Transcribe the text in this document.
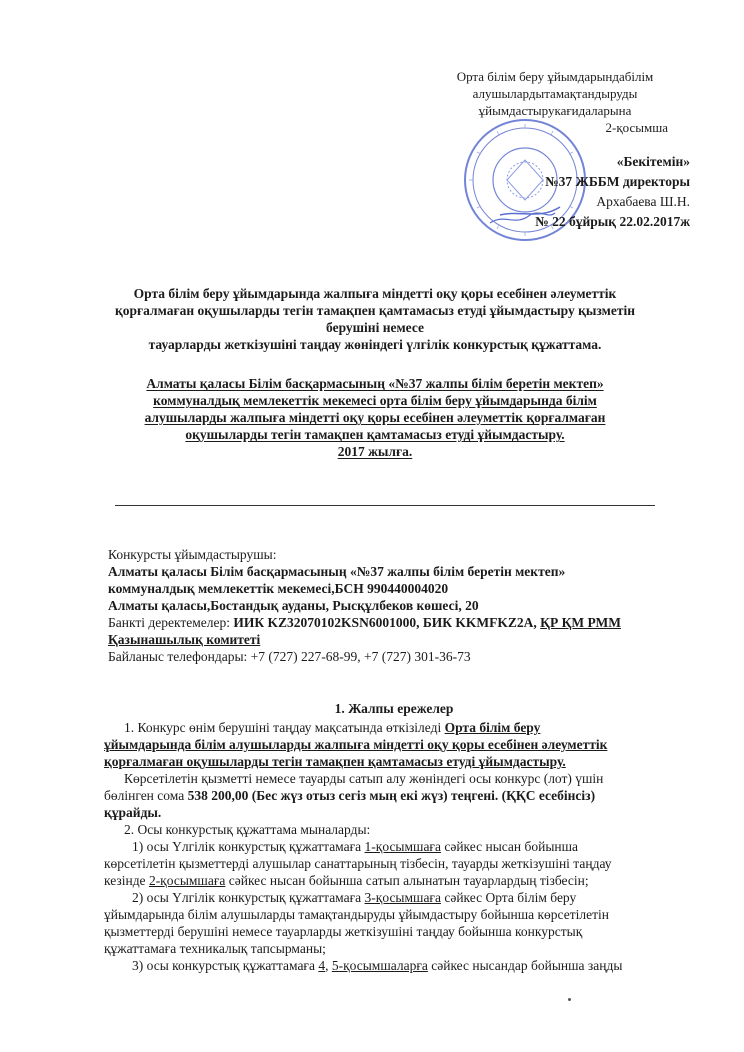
Орта білім беру ұйымдарындабілім
алушылардытамақтандыруды
ұйымдастырукағидаларына
2-қосымша
«Бекітемін»
№37 ЖББМ директоры
Архабаева Ш.Н.
№ 22 бұйрық 22.02.2017ж

Орта білім беру ұйымдарында жалпыға міндетті оқу қоры есебінен әлеуметтік

қорғалмаған оқушыларды тегін тамақпен қамтамасыз етуді ұйымдастыру қызметін

берушіні немесе

тауарларды жеткізушіні таңдау жөніндегі үлгілік конкурстық құжаттама.

Алматы қаласы Білім басқармасының «№37 жалпы білім беретін мектеп»

коммуналдық мемлекеттік мекемесі орта білім беру ұйымдарында білім

алушыларды жалпыға міндетті оқу қоры есебінен әлеуметтік қорғалмаған

оқушыларды тегін тамақпен қамтамасыз етуді ұйымдастыру.

2017 жылға.

Конкурсты ұйымдастырушы:

Алматы қаласы Білім басқармасының «№37 жалпы білім беретін мектеп»

коммуналдық мемлекеттік мекемесі,БСН 990440004020

Алматы қаласы,Бостандық ауданы, Рысқұлбеков көшесі, 20

Банкті деректемелер: ИИК KZ32070102KSN6001000, БИК KKMFKZ2A, ҚР ҚМ РММ

Қазынашылық комитеті

Байланыс телефондары: +7 (727) 227-68-99, +7 (727) 301-36-73

1. Жалпы ережелер

1. Конкурс өнім берушіні таңдау мақсатында өткізіледі Орта білім беру

ұйымдарында білім алушыларды жалпыға міндетті оқу қоры есебінен әлеуметтік

қорғалмаған оқушыларды тегін тамақпен қамтамасыз етуді ұйымдастыру.

Көрсетілетін қызметті немесе тауарды сатып алу жөніндегі осы конкурс (лот) үшін

бөлінген сома 538 200,00 (Бес жүз отыз сегіз мың екі жүз) теңгені. (ҚҚС есебінсіз)

құрайды.

2. Осы конкурстық құжаттама мыналарды:

1) осы Үлгілік конкурстық құжаттамаға 1-қосымшаға сәйкес нысан бойынша

көрсетілетін қызметтерді алушылар санаттарының тізбесін, тауарды жеткізушіні таңдау

кезінде 2-қосымшаға сәйкес нысан бойынша сатып алынатын тауарлардың тізбесін;

2) осы Үлгілік конкурстық құжаттамаға 3-қосымшаға сәйкес Орта білім беру

ұйымдарында білім алушыларды тамақтандыруды ұйымдастыру бойынша көрсетілетін

қызметтерді берушіні немесе тауарларды жеткізушіні таңдау бойынша конкурстық

құжаттамаға техникалық тапсырманы;

3) осы конкурстық құжаттамаға 4, 5-қосымшаларға сәйкес нысандар бойынша заңды
